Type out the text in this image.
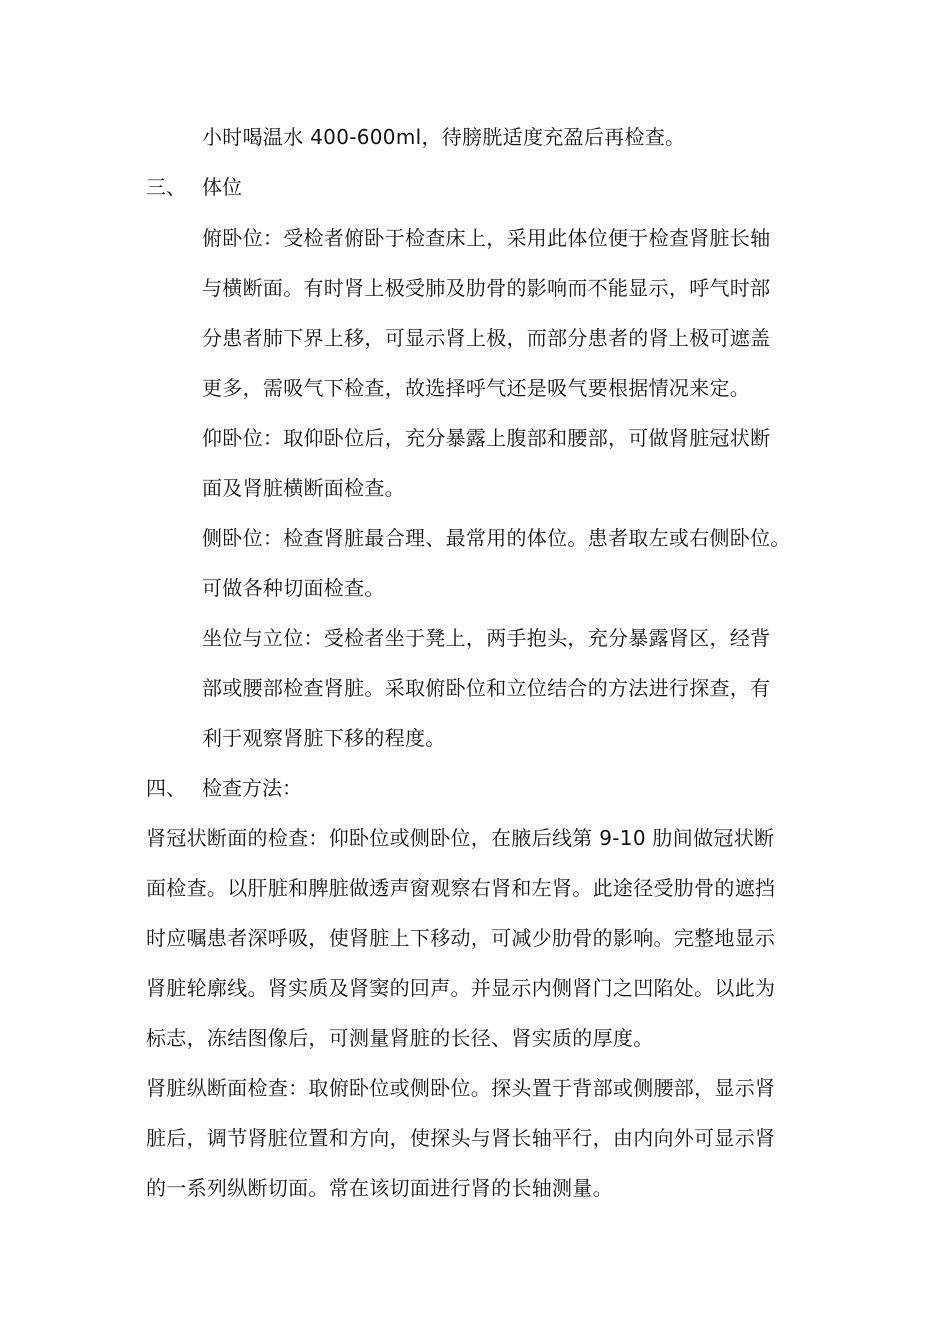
小时喝温水 400-600ml，待膀胱适度充盈后再检查。
三、 体位
俯卧位：受检者俯卧于检查床上，采用此体位便于检查肾脏长轴
与横断面。有时肾上极受肺及肋骨的影响而不能显示，呼气时部
分患者肺下界上移，可显示肾上极，而部分患者的肾上极可遮盖
更多，需吸气下检查，故选择呼气还是吸气要根据情况来定。
仰卧位：取仰卧位后，充分暴露上腹部和腰部，可做肾脏冠状断
面及肾脏横断面检查。
侧卧位：检查肾脏最合理、最常用的体位。患者取左或右侧卧位。
可做各种切面检查。
坐位与立位：受检者坐于凳上，两手抱头，充分暴露肾区，经背
部或腰部检查肾脏。采取俯卧位和立位结合的方法进行探查，有
利于观察肾脏下移的程度。
四、 检查方法：
肾冠状断面的检查：仰卧位或侧卧位，在腋后线第 9-10 肋间做冠状断
面检查。以肝脏和脾脏做透声窗观察右肾和左肾。此途径受肋骨的遮挡
时应嘱患者深呼吸，使肾脏上下移动，可减少肋骨的影响。完整地显示
肾脏轮廓线。肾实质及肾窦的回声。并显示内侧肾门之凹陷处。以此为
标志，冻结图像后，可测量肾脏的长径、肾实质的厚度。
肾脏纵断面检查：取俯卧位或侧卧位。探头置于背部或侧腰部，显示肾
脏后，调节肾脏位置和方向，使探头与肾长轴平行，由内向外可显示肾
的一系列纵断切面。常在该切面进行肾的长轴测量。
